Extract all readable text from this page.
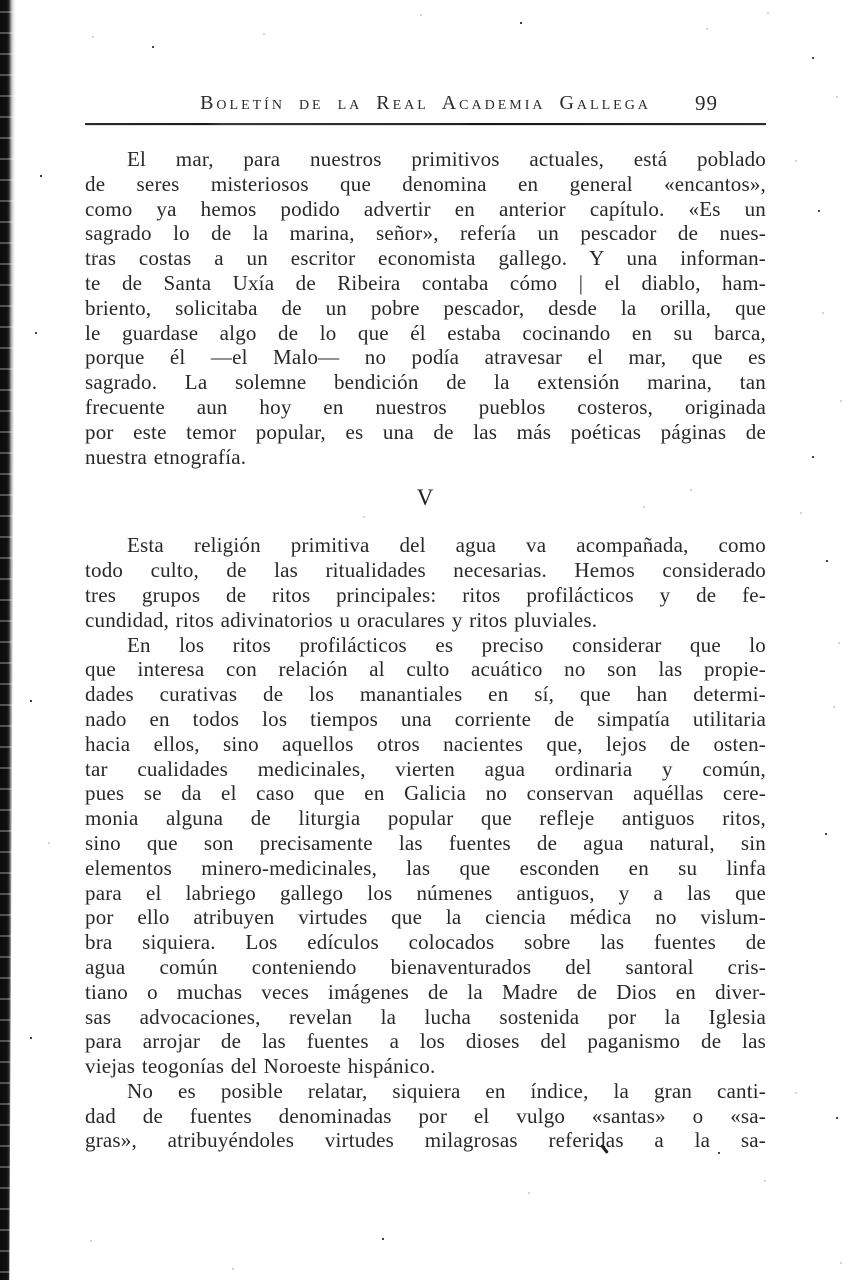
Boletín de la Real Academia Gallega	99
El mar, para nuestros primitivos actuales, está poblado
de seres misteriosos que denomina en general «encantos»,
como ya hemos podido advertir en anterior capítulo. «Es un
sagrado lo de la marina, señor», refería un pescador de nues-
tras costas a un escritor economista gallego. Y una informan-
te de Santa Uxía de Ribeira contaba cómo | el diablo, ham-
briento, solicitaba de un pobre pescador, desde la orilla, que
le guardase algo de lo que él estaba cocinando en su barca,
porque él —el Malo— no podía atravesar el mar, que es
sagrado. La solemne bendición de la extensión marina, tan
frecuente aun hoy en nuestros pueblos costeros, originada
por este temor popular, es una de las más poéticas páginas de
nuestra etnografía.
V
Esta religión primitiva del agua va acompañada, como
todo culto, de las ritualidades necesarias. Hemos considerado
tres grupos de ritos principales: ritos profilácticos y de fe-
cundidad, ritos adivinatorios u oraculares y ritos pluviales.
En los ritos profilácticos es preciso considerar que lo
que interesa con relación al culto acuático no son las propie-
dades curativas de los manantiales en sí, que han determi-
nado en todos los tiempos una corriente de simpatía utilitaria
hacia ellos, sino aquellos otros nacientes que, lejos de osten-
tar cualidades medicinales, vierten agua ordinaria y común,
pues se da el caso que en Galicia no conservan aquéllas cere-
monia alguna de liturgia popular que refleje antiguos ritos,
sino que son precisamente las fuentes de agua natural, sin
elementos minero-medicinales, las que esconden en su linfa
para el labriego gallego los númenes antiguos, y a las que
por ello atribuyen virtudes que la ciencia médica no vislum-
bra siquiera. Los edículos colocados sobre las fuentes de
agua común conteniendo bienaventurados del santoral cris-
tiano o muchas veces imágenes de la Madre de Dios en diver-
sas advocaciones, revelan la lucha sostenida por la Iglesia
para arrojar de las fuentes a los dioses del paganismo de las
viejas teogonías del Noroeste hispánico.
No es posible relatar, siquiera en índice, la gran canti-
dad de fuentes denominadas por el vulgo «santas» o «sa-
gras», atribuyéndoles virtudes milagrosas referidas a la sa-
